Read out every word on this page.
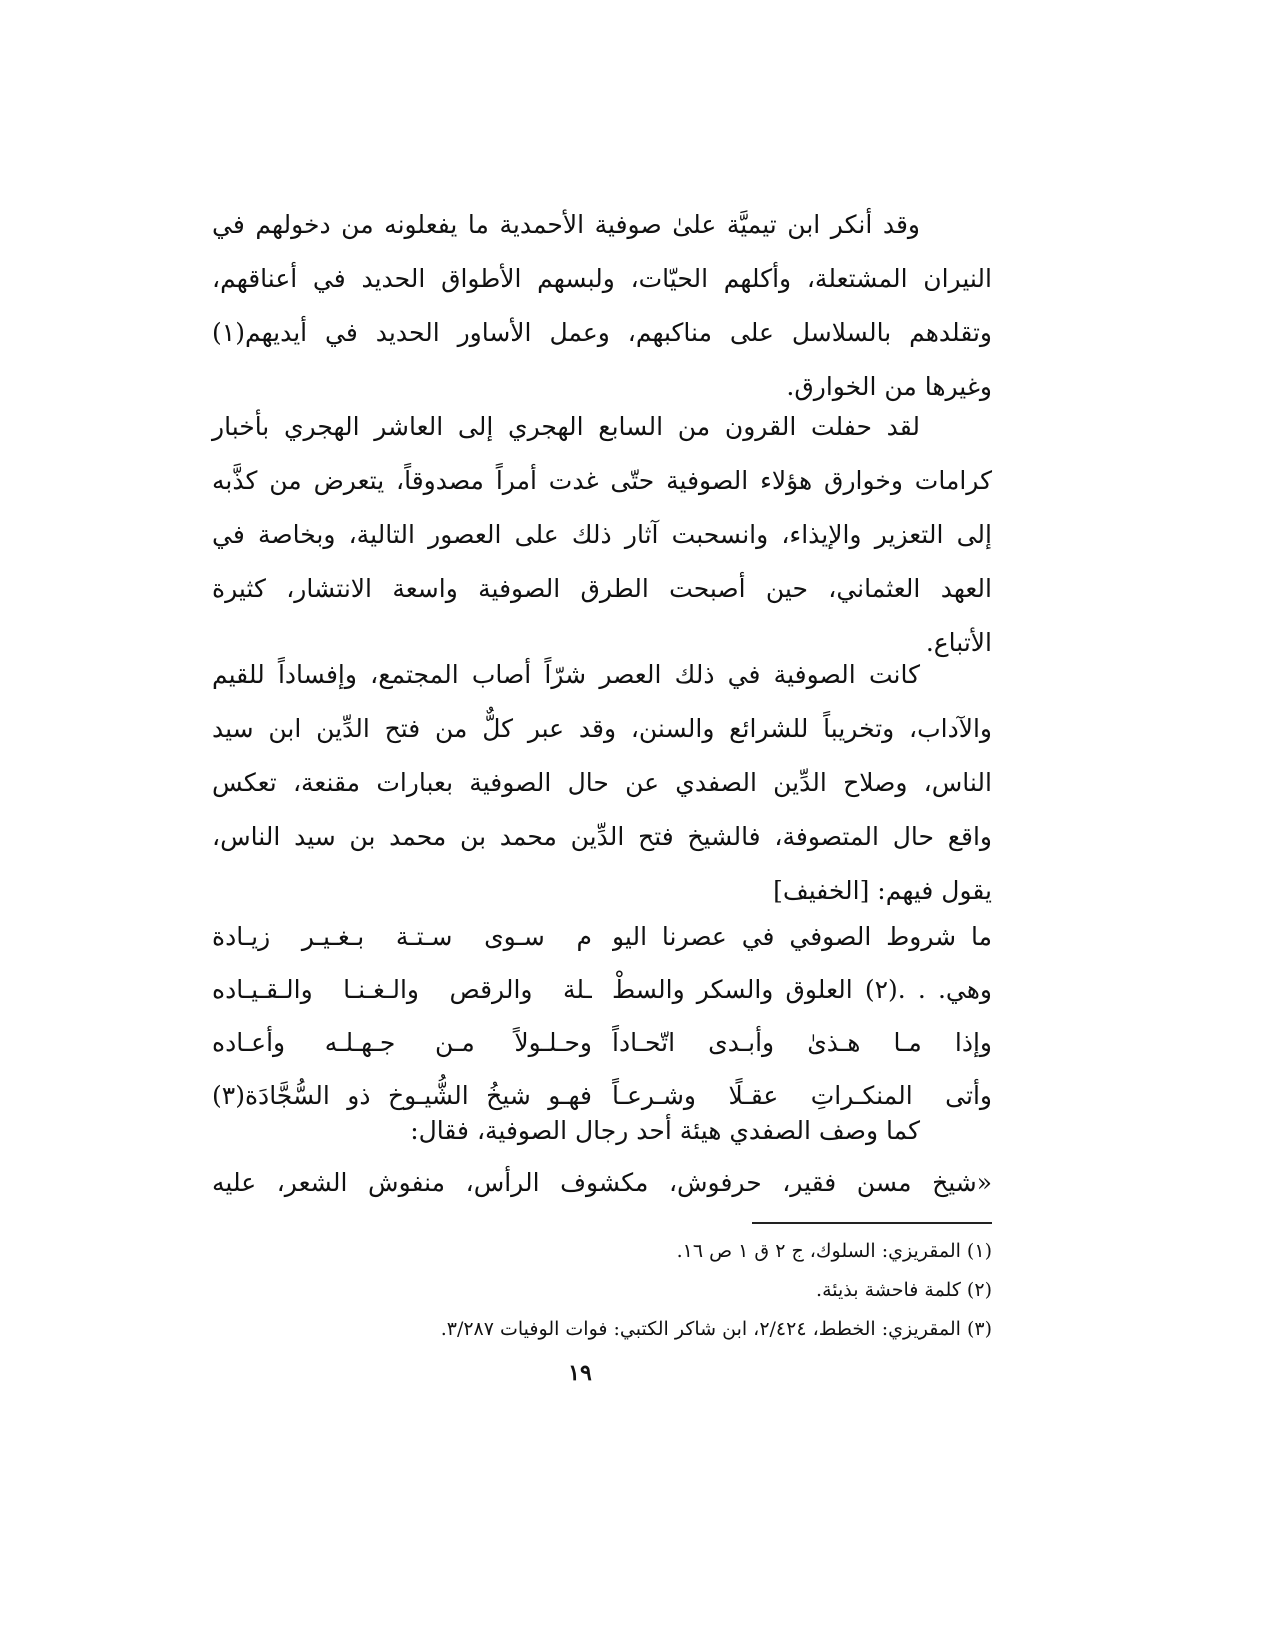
وقد أنكر ابن تيميَّة علىٰ صوفية الأحمدية ما يفعلونه من دخولهم في
النيران المشتعلة، وأكلهم الحيّات، ولبسهم الأطواق الحديد في أعناقهم،
وتقلدهم بالسلاسل على مناكبهم، وعمل الأساور الحديد في أيديهم(١)
وغيرها من الخوارق.
لقد حفلت القرون من السابع الهجري إلى العاشر الهجري بأخبار
كرامات وخوارق هؤلاء الصوفية حتّى غدت أمراً مصدوقاً، يتعرض من كذَّبه
إلى التعزير والإيذاء، وانسحبت آثار ذلك على العصور التالية، وبخاصة في
العهد العثماني، حين أصبحت الطرق الصوفية واسعة الانتشار، كثيرة
الأتباع.
كانت الصوفية في ذلك العصر شرّاً أصاب المجتمع، وإفساداً للقيم
والآداب، وتخريباً للشرائع والسنن، وقد عبر كلٌّ من فتح الدِّين ابن سيد
الناس، وصلاح الدِّين الصفدي عن حال الصوفية بعبارات مقنعة، تعكس
واقع حال المتصوفة، فالشيخ فتح الدِّين محمد بن محمد بن سيد الناس،
يقول فيهم: [الخفيف]
ما شروط الصوفي في عصرنا اليو
م سـوى سـتـة بـغـيـر زيـادة
وهي. . .(٢) العلوق والسكر والسطْ
ـلة والرقص والـغـنـا والـقـيـاده
وإذا مـا هـذىٰ وأبـدى اتّحـاداً
وحـلـولاً مـن جـهـلـه وأعـاده
وأتى المنكـراتِ عقـلًا وشـرعـاً
فهـو شيخُ الشُّيـوخ ذو السُّجَّادَة(٣)
كما وصف الصفدي هيئة أحد رجال الصوفية، فقال:
«شيخ مسن فقير، حرفوش، مكشوف الرأس، منفوش الشعر، عليه
(١) المقريزي: السلوك، ج ٢ ق ١ ص ١٦.
(٢) كلمة فاحشة بذيئة.
(٣) المقريزي: الخطط، ٢/٤٢٤، ابن شاكر الكتبي: فوات الوفيات ٣/٢٨٧.
١٩
